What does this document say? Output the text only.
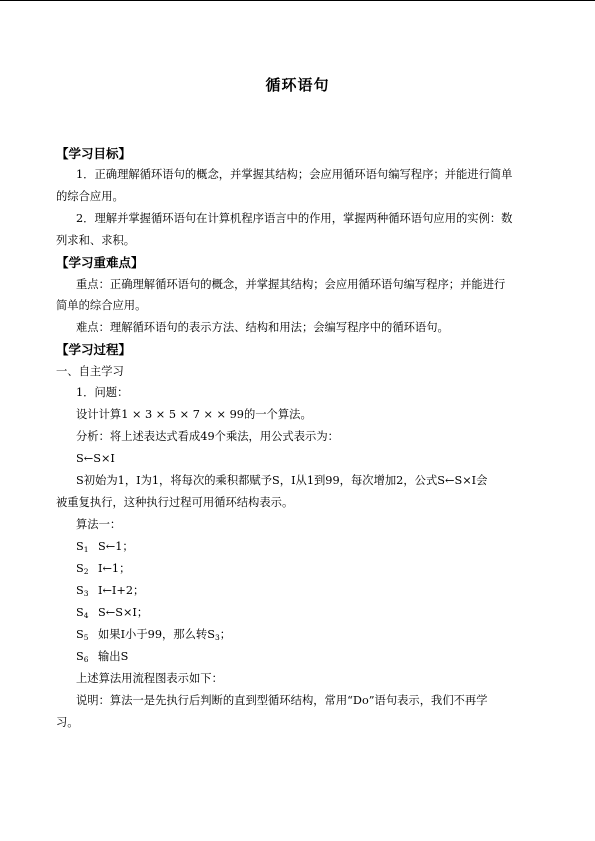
循环语句
【学习目标】
1．正确理解循环语句的概念，并掌握其结构；会应用循环语句编写程序；并能进行简单
的综合应用。
2．理解并掌握循环语句在计算机程序语言中的作用，掌握两种循环语句应用的实例：数
列求和、求积。
【学习重难点】
重点：正确理解循环语句的概念，并掌握其结构；会应用循环语句编写程序；并能进行
简单的综合应用。
难点：理解循环语句的表示方法、结构和用法；会编写程序中的循环语句。
【学习过程】
一、自主学习
1．问题：
设计计算1 × 3 × 5 × 7 × × 99的一个算法。
分析：将上述表达式看成49个乘法，用公式表示为：
S←S×I
S初始为1，I为1，将每次的乘积都赋予S，I从1到99，每次增加2，公式S←S×I会
被重复执行，这种执行过程可用循环结构表示。
算法一：
$S_1$ S←1；
$S_2$ I←1；
$S_3$ I←I+2；
$S_4$ S←S×I；
$S_5$ 如果I小于99，那么转$S_3$；
$S_6$ 输出S
上述算法用流程图表示如下：
说明：算法一是先执行后判断的直到型循环结构，常用“Do”语句表示，我们不再学
习。
